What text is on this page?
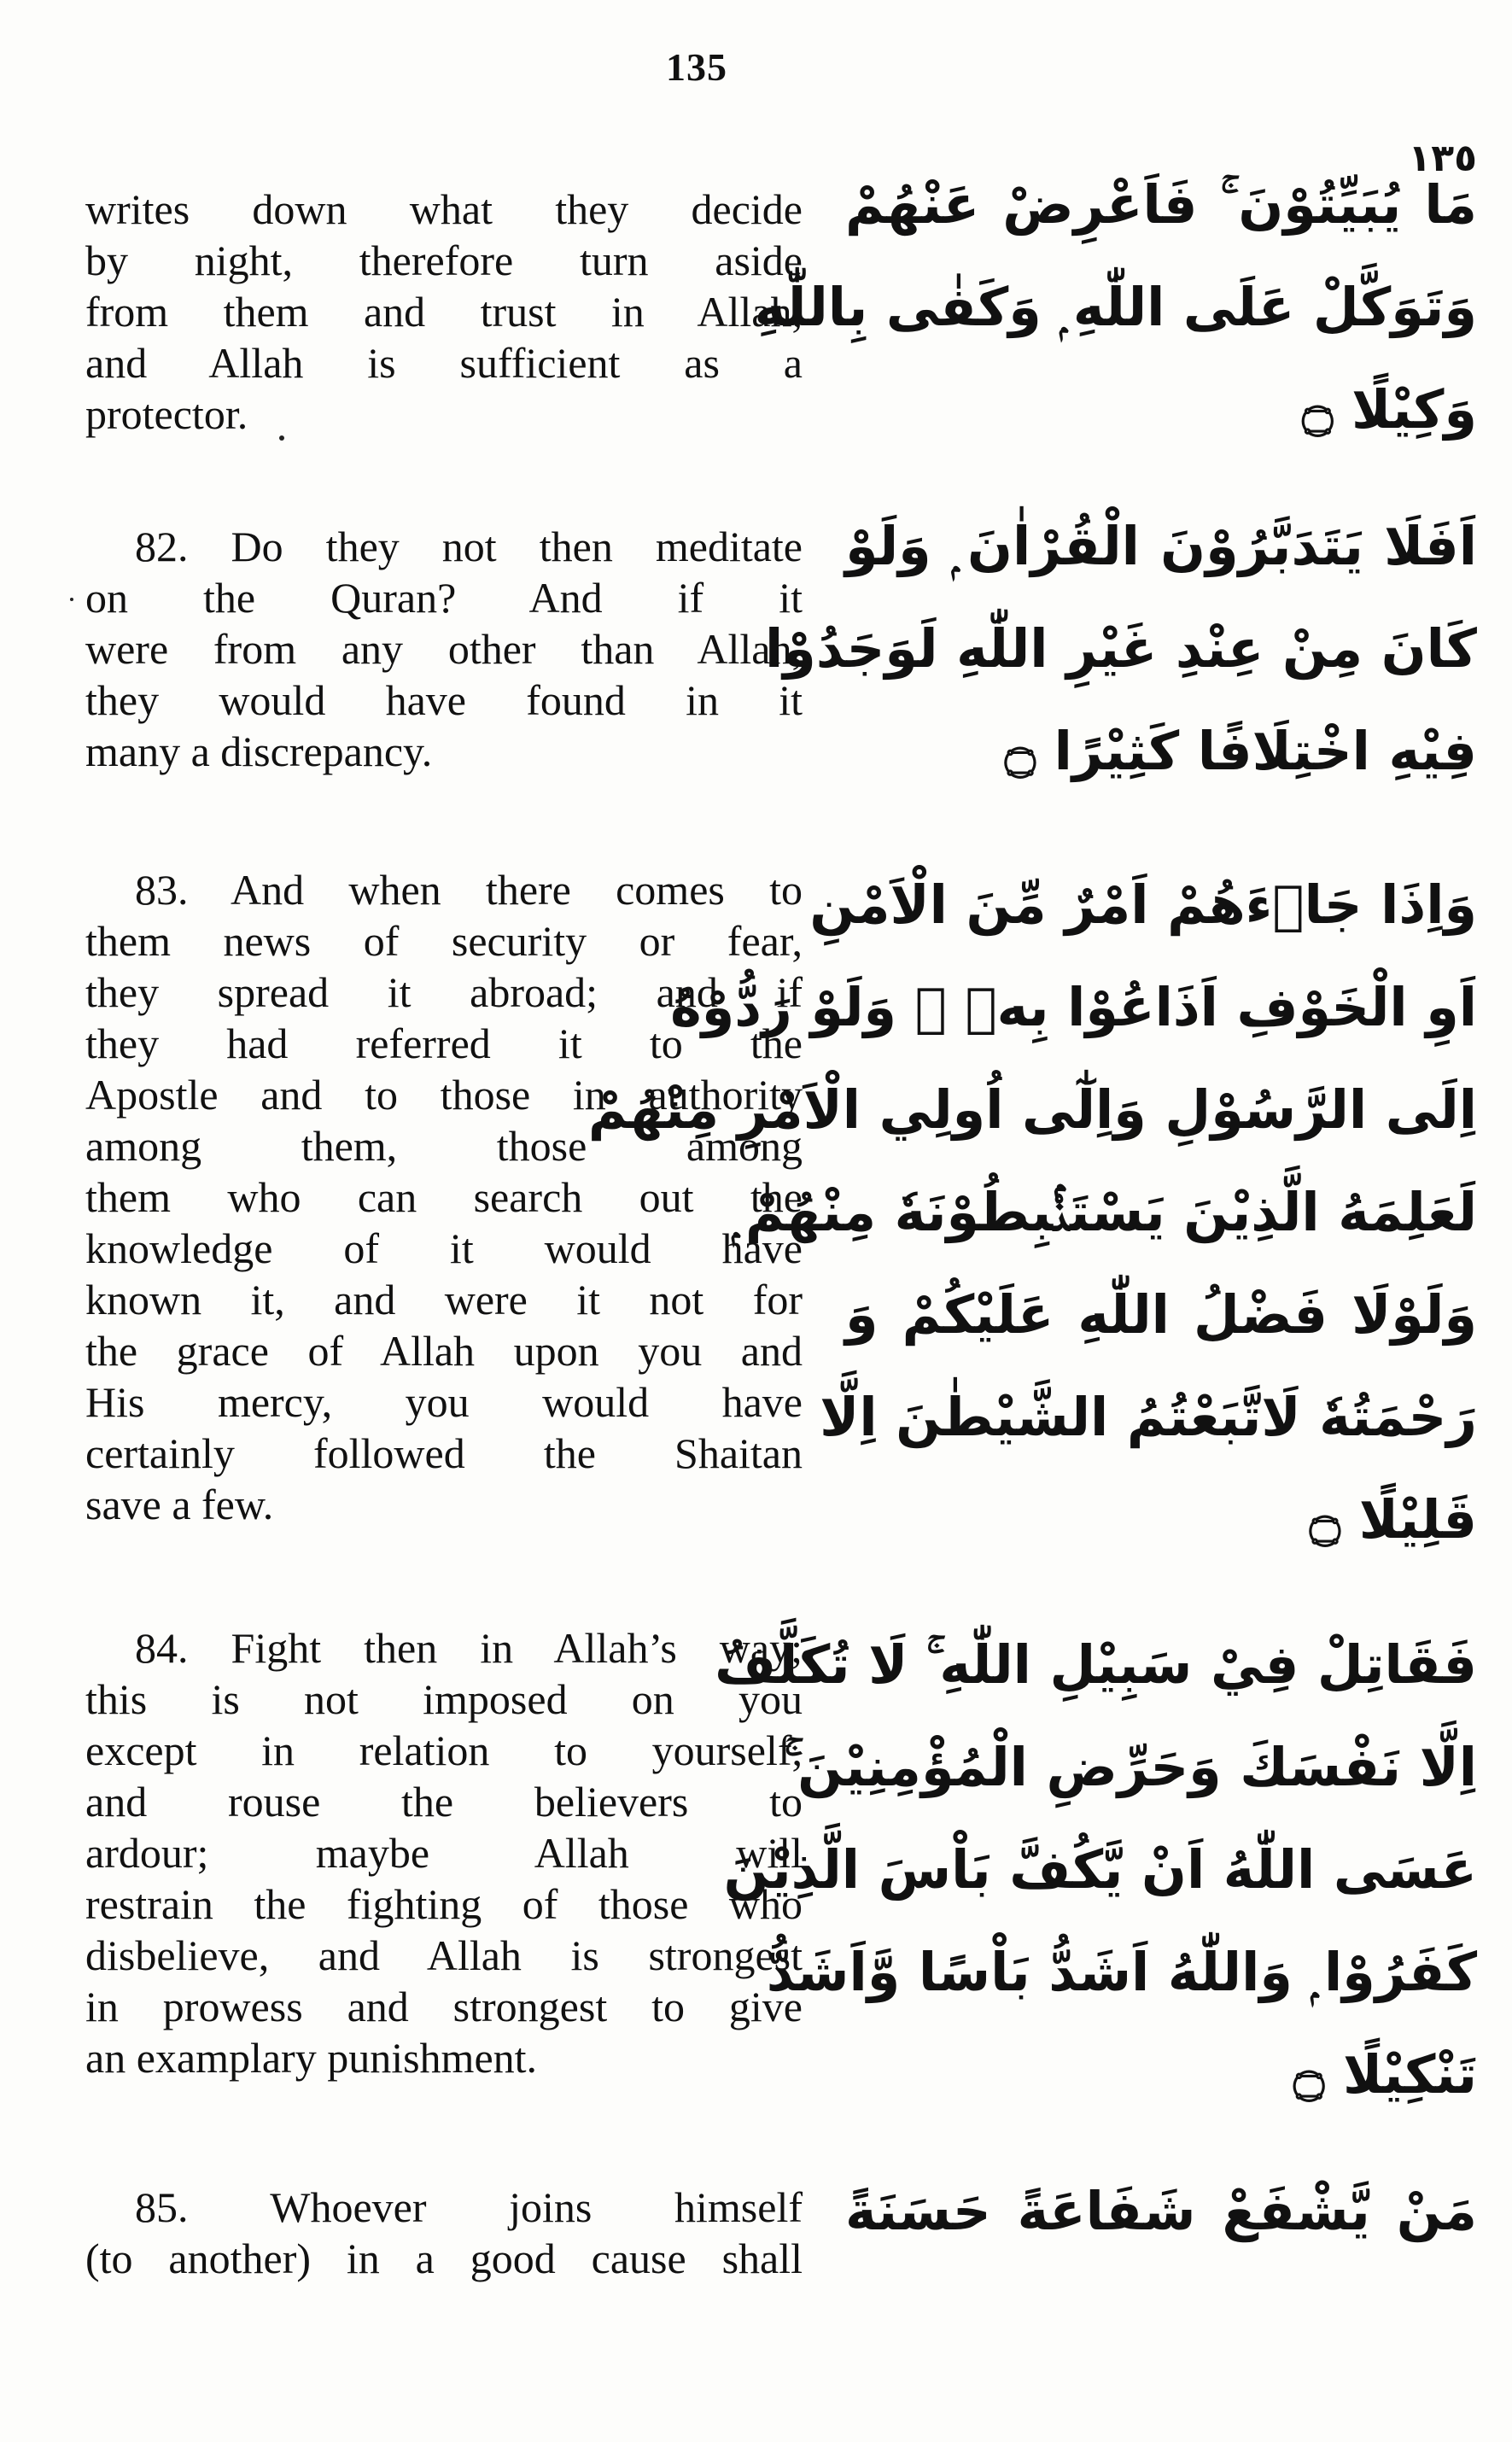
135
١٣٥
writes down what they decide
by night, therefore turn aside
from them and trust in Allah,
and Allah is sufficient as a
protector.
82. Do they not then meditate
on the Quran? And if it
were from any other than Allah,
they would have found in it
many a discrepancy.
83. And when there comes to
them news of security or fear,
they spread it abroad; and if
they had referred it to the
Apostle and to those in authority
among them, those among
them who can search out the
knowledge of it would have
known it, and were it not for
the grace of Allah upon you and
His mercy, you would have
certainly followed the Shaitan
save a few.
84. Fight then in Allah’s way;
this is not imposed on you
except in relation to yourself,
and rouse the believers to
ardour; maybe Allah will
restrain the fighting of those who
disbelieve, and Allah is strongest
in prowess and strongest to give
an examplary punishment.
85. Whoever joins himself
(to another) in a good cause shall
مَا يُبَيِّتُوْنَ ۚ فَاَعْرِضْ عَنْهُمْ
وَتَوَكَّلْ عَلَى اللّٰهِ ۭ وَكَفٰى بِاللّٰهِ
وَكِيْلًا ۝
اَفَلَا يَتَدَبَّرُوْنَ الْقُرْاٰنَ ۭ وَلَوْ
كَانَ مِنْ عِنْدِ غَيْرِ اللّٰهِ لَوَجَدُوْا
فِيْهِ اخْتِلَافًا كَثِيْرًا ۝
وَاِذَا جَاۗءَھُمْ اَمْرٌ مِّنَ الْاَمْنِ
اَوِ الْخَوْفِ اَذَاعُوْا بِهٖ ۭ وَلَوْ رَدُّوْهُ
اِلَى الرَّسُوْلِ وَاِلٰٓى اُولِي الْاَمْرِ مِنْھُمْ
لَعَلِمَهُ الَّذِيْنَ يَسْتَنْۢبِطُوْنَهٗ مِنْھُمْ ۭ
وَلَوْلَا فَضْلُ اللّٰهِ عَلَيْكُمْ وَ
رَحْمَتُهٗ لَاتَّبَعْتُمُ الشَّيْطٰنَ اِلَّا
قَلِيْلًا ۝
فَقَاتِلْ فِيْ سَبِيْلِ اللّٰهِ ۚ لَا تُكَلَّفُ
اِلَّا نَفْسَكَ وَحَرِّضِ الْمُؤْمِنِيْنَ ۚ
عَسَى اللّٰهُ اَنْ يَّكُفَّ بَاْسَ الَّذِيْنَ
كَفَرُوْا ۭ وَاللّٰهُ اَشَدُّ بَاْسًا وَّاَشَدُّ
تَنْكِيْلًا ۝
مَنْ يَّشْفَعْ شَفَاعَةً حَسَنَةً
